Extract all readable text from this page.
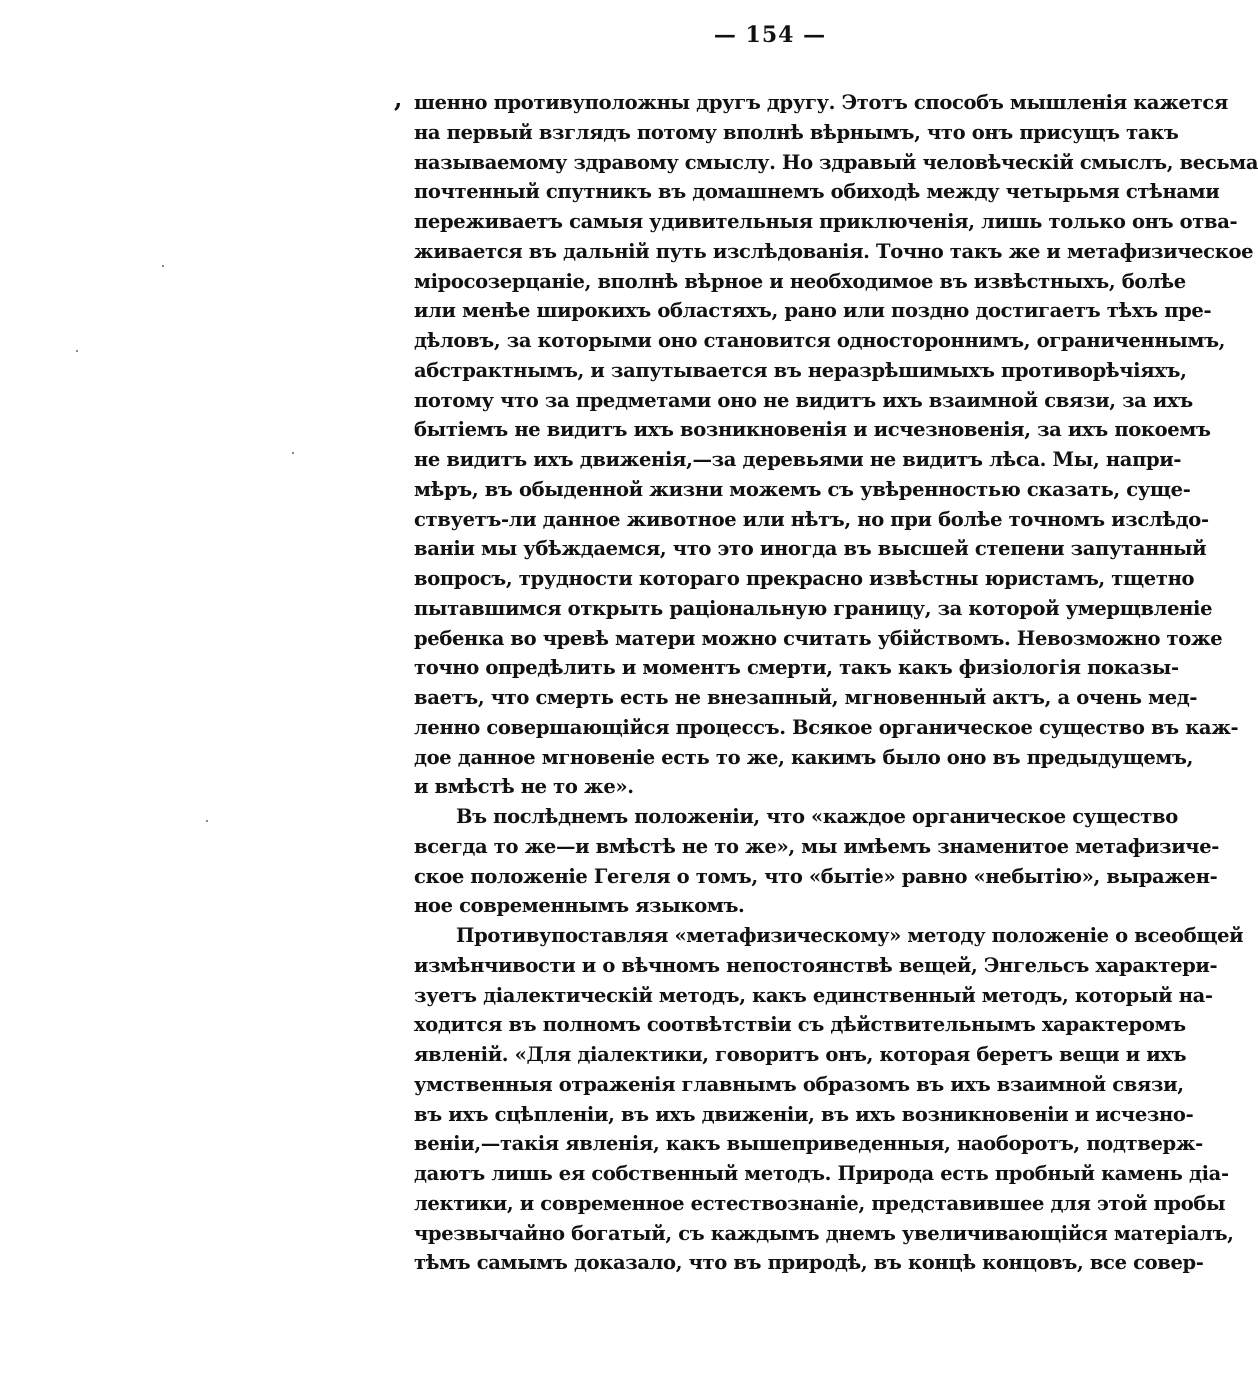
— 154 —
, шенно противуположны другъ другу. Этотъ способъ мышленія кажется
на первый взглядъ потому вполнѣ вѣрнымъ, что онъ присущъ такъ
называемому здравому смыслу. Но здравый человѣческій смыслъ, весьма
почтенный спутникъ въ домашнемъ обиходѣ между четырьмя стѣнами
переживаетъ самыя удивительныя приключенія, лишь только онъ отва-
живается въ дальній путь изслѣдованія. Точно такъ же и метафизическое
міросозерцаніе, вполнѣ вѣрное и необходимое въ извѣстныхъ, болѣе
или менѣе широкихъ областяхъ, рано или поздно достигаетъ тѣхъ пре-
дѣловъ, за которыми оно становится одностороннимъ, ограниченнымъ,
абстрактнымъ, и запутывается въ неразрѣшимыхъ противорѣчіяхъ,
потому что за предметами оно не видитъ ихъ взаимной связи, за ихъ
бытіемъ не видитъ ихъ возникновенія и исчезновенія, за ихъ покоемъ
не видитъ ихъ движенія,—за деревьями не видитъ лѣса. Мы, напри-
мѣръ, въ обыденной жизни можемъ съ увѣренностью сказать, суще-
ствуетъ-ли данное животное или нѣтъ, но при болѣе точномъ изслѣдо-
ваніи мы убѣждаемся, что это иногда въ высшей степени запутанный
вопросъ, трудности котораго прекрасно извѣстны юристамъ, тщетно
пытавшимся открыть раціональную границу, за которой умерщвленіе
ребенка во чревѣ матери можно считать убійствомъ. Невозможно тоже
точно опредѣлить и моментъ смерти, такъ какъ физіологія показы-
ваетъ, что смерть есть не внезапный, мгновенный актъ, а очень мед-
ленно совершающійся процессъ. Всякое органическое существо въ каж-
дое данное мгновеніе есть то же, какимъ было оно въ предыдущемъ,
и вмѣстѣ не то же».
Въ послѣднемъ положеніи, что «каждое органическое существо
всегда то же—и вмѣстѣ не то же», мы имѣемъ знаменитое метафизиче-
ское положеніе Гегеля о томъ, что «бытіе» равно «небытію», выражен-
ное современнымъ языкомъ.
Противупоставляя «метафизическому» методу положеніе о всеобщей
измѣнчивости и о вѣчномъ непостоянствѣ вещей, Энгельсъ характери-
зуетъ діалектическій методъ, какъ единственный методъ, который на-
ходится въ полномъ соотвѣтствіи съ дѣйствительнымъ характеромъ
явленій. «Для діалектики, говоритъ онъ, которая беретъ вещи и ихъ
умственныя отраженія главнымъ образомъ въ ихъ взаимной связи,
въ ихъ сцѣпленіи, въ ихъ движеніи, въ ихъ возникновеніи и исчезно-
веніи,—такія явленія, какъ вышеприведенныя, наоборотъ, подтверж-
даютъ лишь ея собственный методъ. Природа есть пробный камень діа-
лектики, и современное естествознаніе, представившее для этой пробы
чрезвычайно богатый, съ каждымъ днемъ увеличивающійся матеріалъ,
тѣмъ самымъ доказало, что въ природѣ, въ концѣ концовъ, все совер-
